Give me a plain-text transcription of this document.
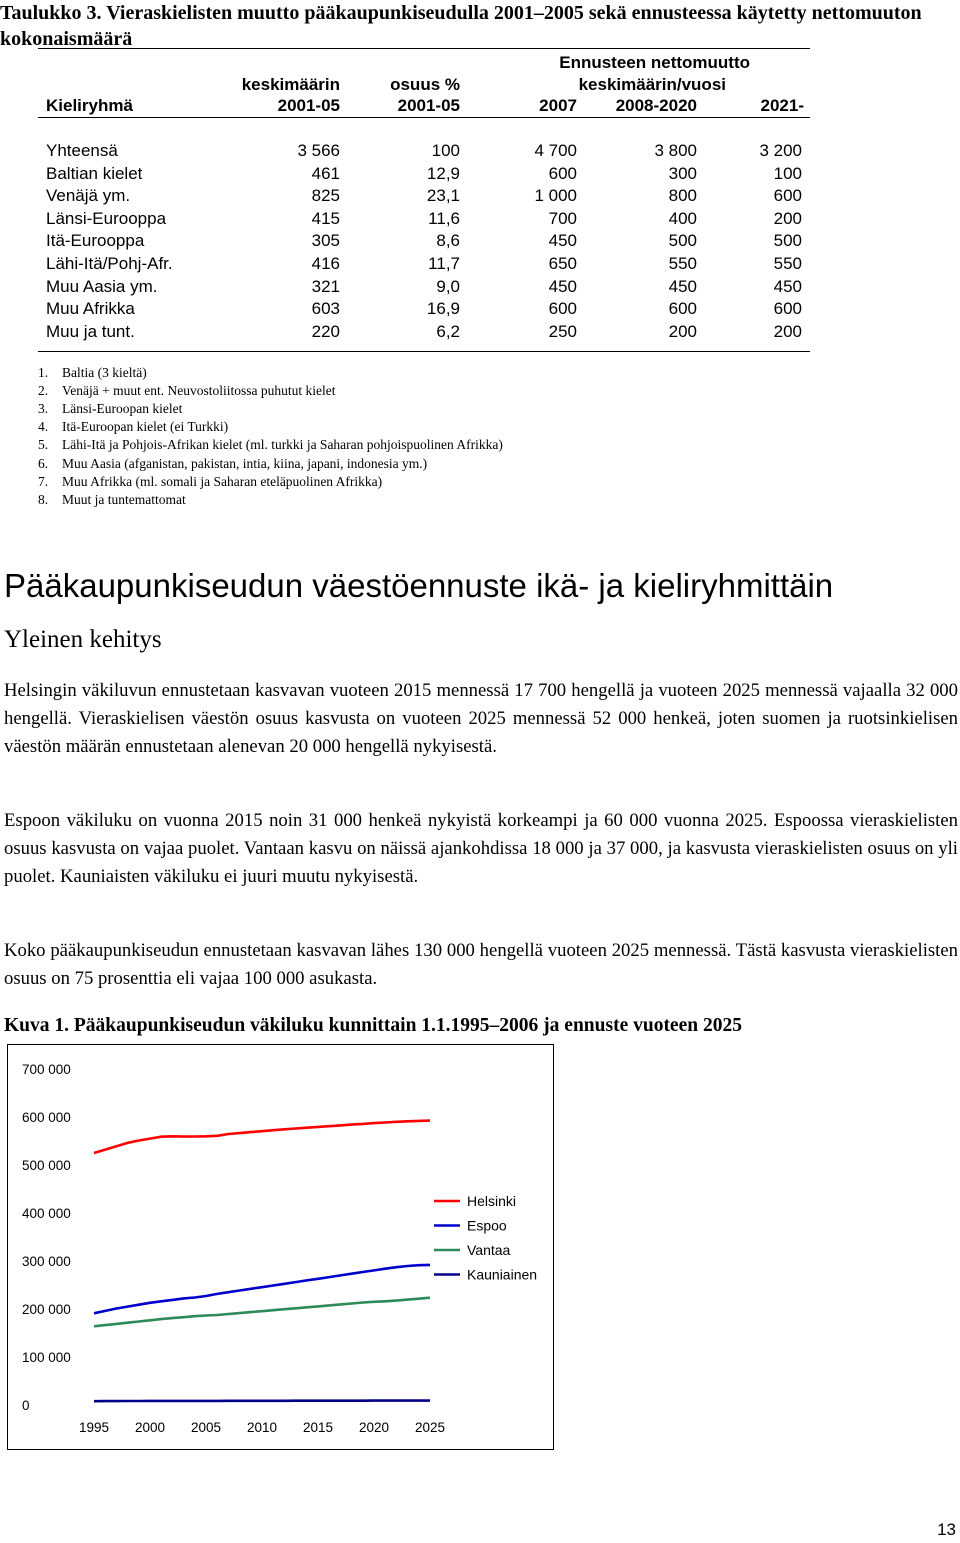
Taulukko 3. Vieraskielisten muutto pääkaupunkiseudulla 2001–2005 sekä ennusteessa käytetty nettomuuton kokonaismäärä
Ennusteen nettomuutto
keskimäärin	osuus %	keskimäärin/vuosi
Kieliryhmä	2001-05	2001-05	2007	2008-2020	2021-
Yhteensä	3 566	100	4 700	3 800	3 200
Baltian kielet	461	12,9	600	300	100
Venäjä ym.	825	23,1	1 000	800	600
Länsi-Eurooppa	415	11,6	700	400	200
Itä-Eurooppa	305	8,6	450	500	500
Lähi-Itä/Pohj-Afr.	416	11,7	650	550	550
Muu Aasia ym.	321	9,0	450	450	450
Muu Afrikka	603	16,9	600	600	600
Muu ja tunt.	220	6,2	250	200	200
1. Baltia (3 kieltä)
2. Venäjä + muut ent. Neuvostoliitossa puhutut kielet
3. Länsi-Euroopan kielet
4. Itä-Euroopan kielet (ei Turkki)
5. Lähi-Itä ja Pohjois-Afrikan kielet (ml. turkki ja Saharan pohjoispuolinen Afrikka)
6. Muu Aasia (afganistan, pakistan, intia, kiina, japani, indonesia ym.)
7. Muu Afrikka (ml. somali ja Saharan eteläpuolinen Afrikka)
8. Muut ja tuntemattomat
Pääkaupunkiseudun väestöennuste ikä- ja kieliryhmittäin
Yleinen kehitys

Helsingin väkiluvun ennustetaan kasvavan vuoteen 2015 mennessä 17 700 hengellä ja vuoteen 2025 mennessä vajaalla 32 000 hengellä. Vieraskielisen väestön osuus kasvusta on vuoteen 2025 mennessä 52 000 henkeä, joten suomen ja ruotsinkielisen väestön määrän ennustetaan alenevan 20 000 hengellä nykyisestä.

Espoon väkiluku on vuonna 2015 noin 31 000 henkeä nykyistä korkeampi ja 60 000 vuonna 2025. Espoossa vieraskielisten osuus kasvusta on vajaa puolet. Vantaan kasvu on näissä ajankohdissa 18 000 ja 37 000, ja kasvusta vieraskielisten osuus on yli puolet. Kauniaisten väkiluku ei juuri muutu nykyisestä.

Koko pääkaupunkiseudun ennustetaan kasvavan lähes 130 000 hengellä vuoteen 2025 mennessä. Tästä kasvusta vieraskielisten osuus on 75 prosenttia eli vajaa 100 000 asukasta.

Kuva 1. Pääkaupunkiseudun väkiluku kunnittain 1.1.1995–2006 ja ennuste vuoteen 2025
0
100 000
200 000
300 000
400 000
500 000
600 000
700 000
1995 2000 2005 2010 2015 2020 2025
Helsinki
Espoo
Vantaa
Kauniainen
13
